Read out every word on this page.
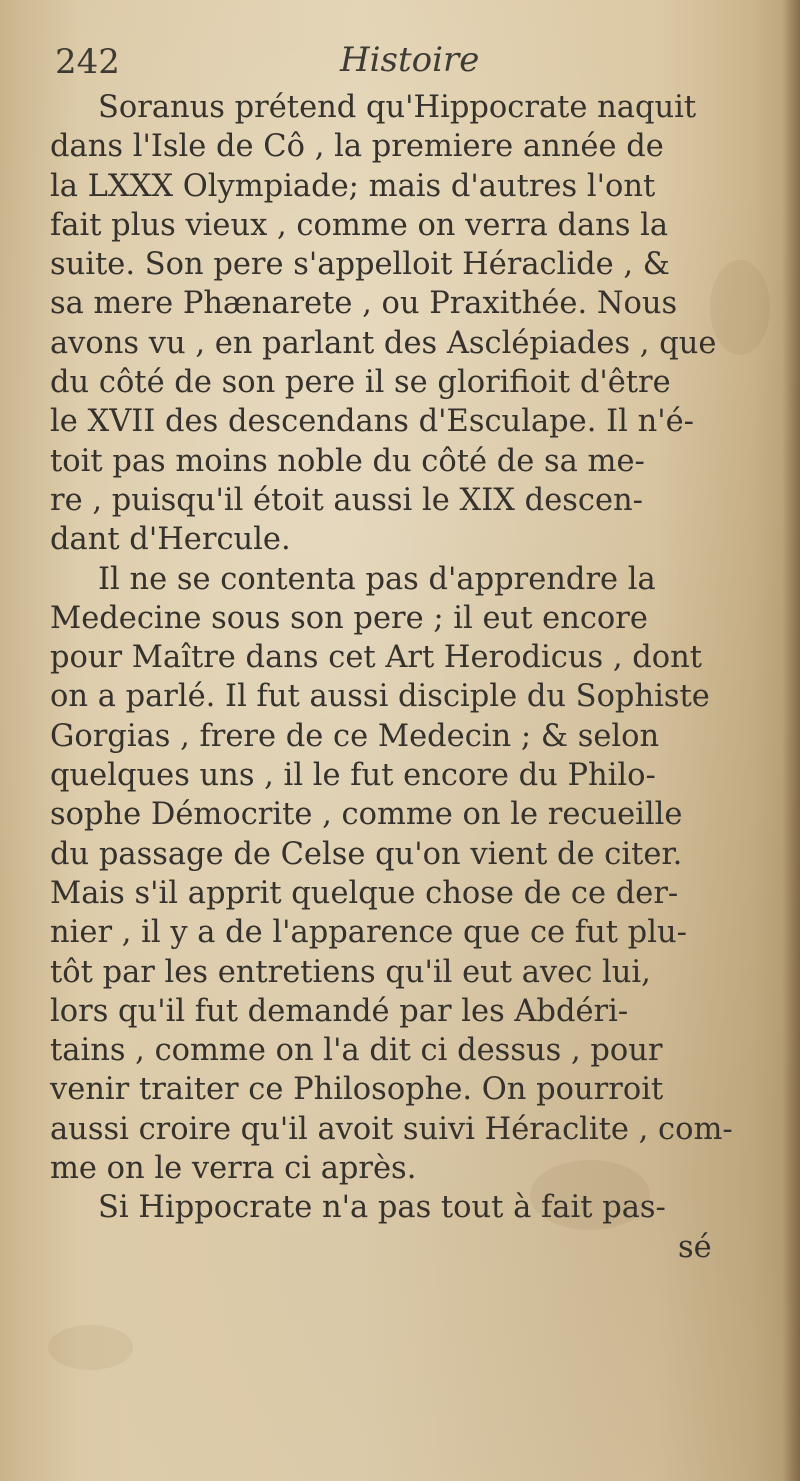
242	Histoire
Soranus prétend qu'Hippocrate naquit
dans l'Isle de Cô , la premiere année de
la LXXX Olympiade; mais d'autres l'ont
fait plus vieux , comme on verra dans la
suite. Son pere s'appelloit Héraclide , &
sa mere Phænarete , ou Praxithée. Nous
avons vu , en parlant des Asclépiades , que
du côté de son pere il se glorifioit d'être
le XVII des descendans d'Esculape. Il n'é-
toit pas moins noble du côté de sa me-
re , puisqu'il étoit aussi le XIX descen-
dant d'Hercule.
Il ne se contenta pas d'apprendre la
Medecine sous son pere ; il eut encore
pour Maître dans cet Art Herodicus , dont
on a parlé. Il fut aussi disciple du Sophiste
Gorgias , frere de ce Medecin ; & selon
quelques uns , il le fut encore du Philo-
sophe Démocrite , comme on le recueille
du passage de Celse qu'on vient de citer.
Mais s'il apprit quelque chose de ce der-
nier , il y a de l'apparence que ce fut plu-
tôt par les entretiens qu'il eut avec lui,
lors qu'il fut demandé par les Abdéri-
tains , comme on l'a dit ci dessus , pour
venir traiter ce Philosophe. On pourroit
aussi croire qu'il avoit suivi Héraclite , com-
me on le verra ci après.
Si Hippocrate n'a pas tout à fait pas-
sé
